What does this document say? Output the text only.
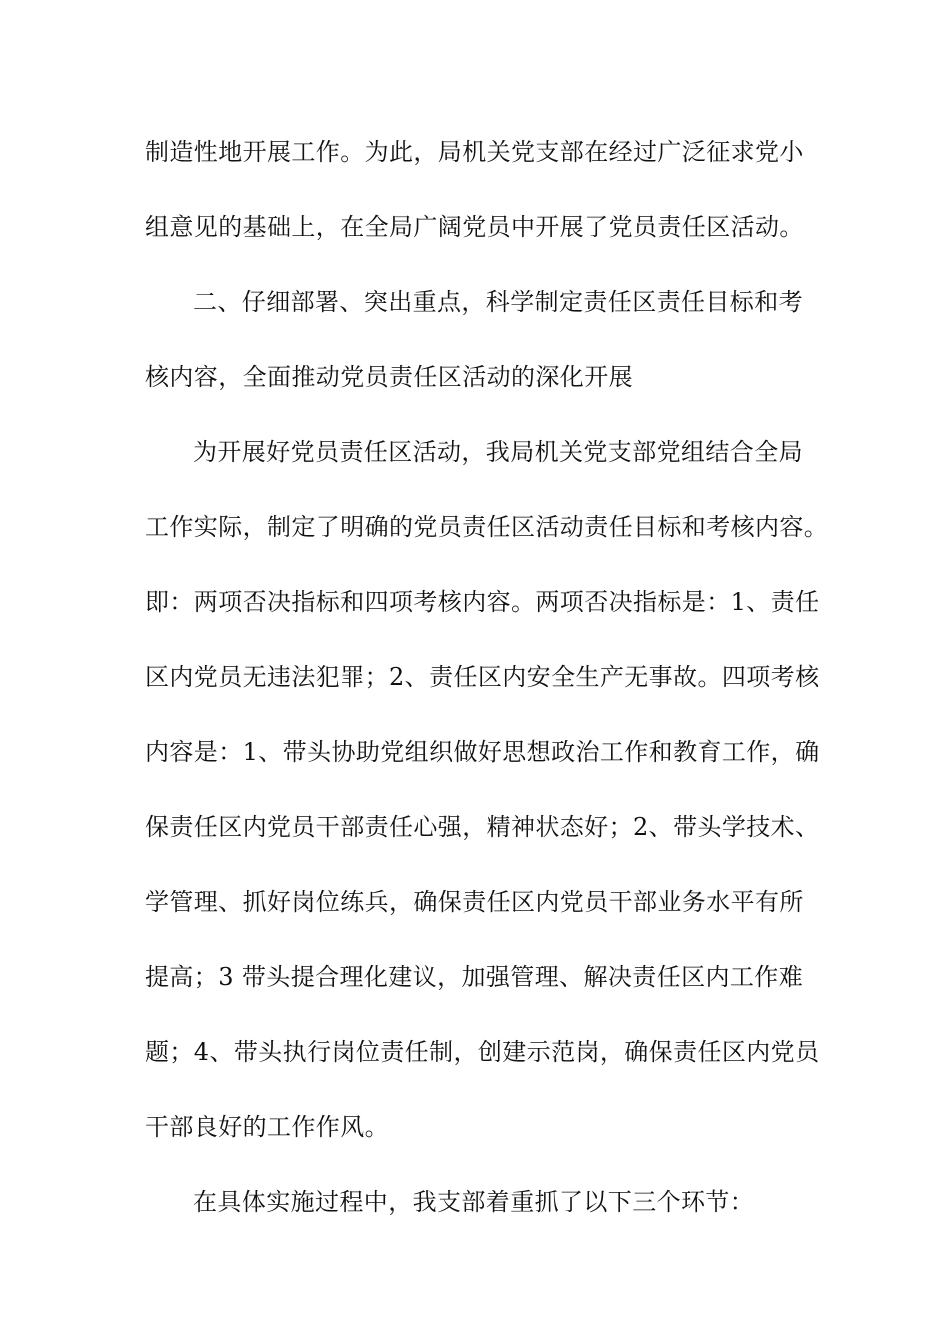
制造性地开展工作。为此，局机关党支部在经过广泛征求党小

组意见的基础上，在全局广阔党员中开展了党员责任区活动。

二、仔细部署、突出重点，科学制定责任区责任目标和考

核内容，全面推动党员责任区活动的深化开展

为开展好党员责任区活动，我局机关党支部党组结合全局

工作实际，制定了明确的党员责任区活动责任目标和考核内容。

即：两项否决指标和四项考核内容。两项否决指标是：1、责任

区内党员无违法犯罪；2、责任区内安全生产无事故。四项考核

内容是：1、带头协助党组织做好思想政治工作和教育工作，确

保责任区内党员干部责任心强，精神状态好；2、带头学技术、

学管理、抓好岗位练兵，确保责任区内党员干部业务水平有所

提高；3 带头提合理化建议，加强管理、解决责任区内工作难

题；4、带头执行岗位责任制，创建示范岗，确保责任区内党员

干部良好的工作作风。

在具体实施过程中，我支部着重抓了以下三个环节：
